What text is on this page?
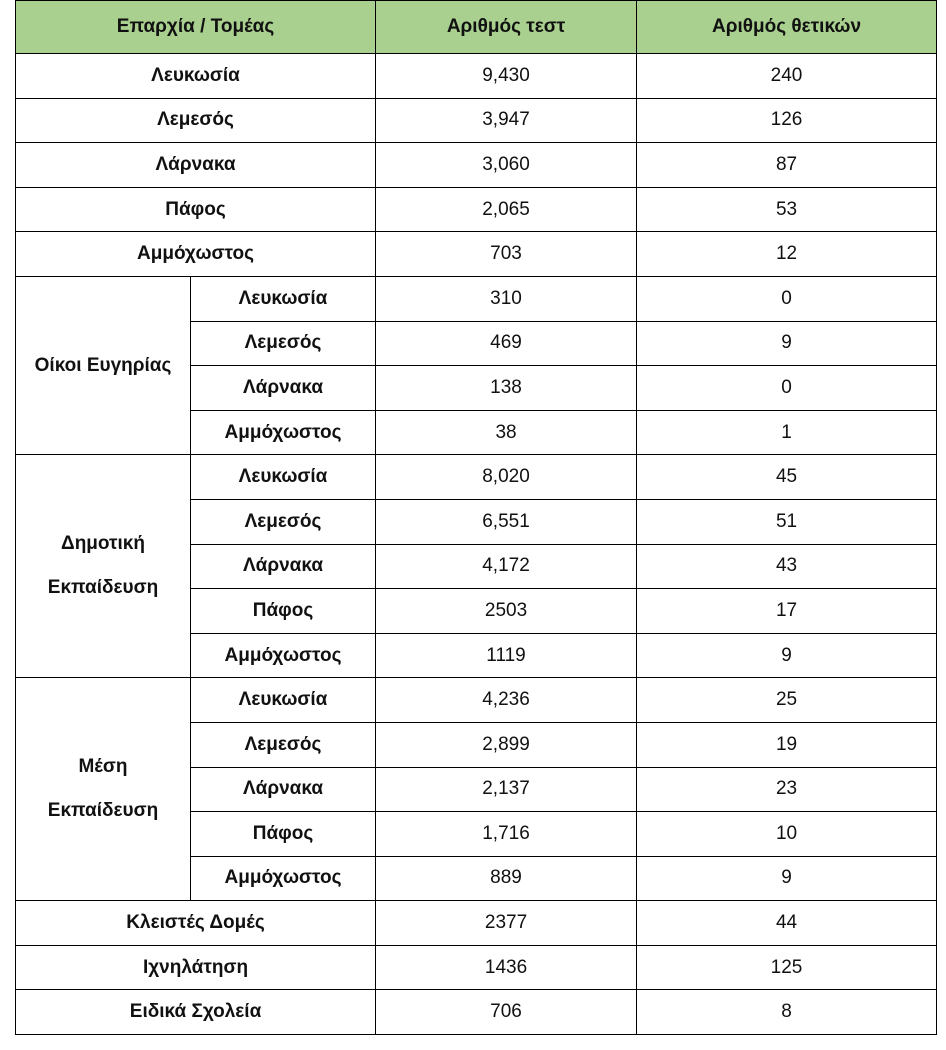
Επαρχία / Τομέας		Αριθμός τεστ	Αριθμός θετικών
Λευκωσία		9,430	240
Λεμεσός		3,947	126
Λάρνακα		3,060	87
Πάφος		2,065	53
Αμμόχωστος		703	12

Οίκοι Ευγηρίας	Λευκωσία	310	0
	Λεμεσός	469	9
	Λάρνακα	138	0
	Αμμόχωστος	38	1

Δημοτική
Εκπαίδευση	Λευκωσία	8,020	45
	Λεμεσός	6,551	51
	Λάρνακα	4,172	43
	Πάφος	2503	17
	Αμμόχωστος	1119	9

Μέση
Εκπαίδευση	Λευκωσία	4,236	25
	Λεμεσός	2,899	19
	Λάρνακα	2,137	23
	Πάφος	1,716	10
	Αμμόχωστος	889	9
Κλειστές Δομές		2377	44
Ιχνηλάτηση		1436	125
Ειδικά Σχολεία		706	8
